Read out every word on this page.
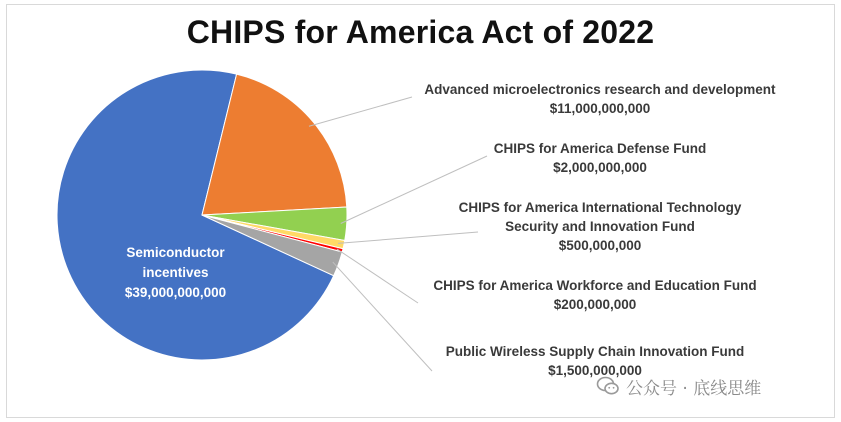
CHIPS for America Act of 2022
Semiconductor
incentives
$39,000,000,000
Advanced microelectronics research and development
$11,000,000,000
CHIPS for America Defense Fund
$2,000,000,000
CHIPS for America International Technology
Security and Innovation Fund
$500,000,000
CHIPS for America Workforce and Education Fund
$200,000,000
Public Wireless Supply Chain Innovation Fund
$1,500,000,000
公众号 · 底线思维
